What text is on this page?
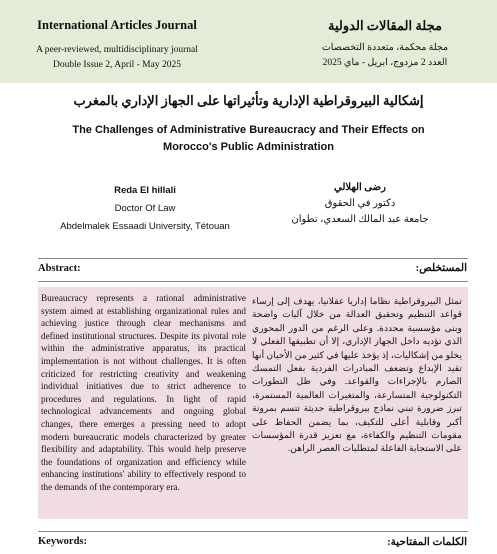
International Articles Journal
A peer-reviewed, multidisciplinary journal
Double Issue 2, April - May 2025
مجلة المقالات الدولية
مجلة محكمة، متعددة التخصصات
العدد 2 مزدوج، ابريل - ماي 2025
إشكالية البيروقراطية الإدارية وتأثيراتها على الجهاز الإداري بالمغرب
The Challenges of Administrative Bureaucracy and Their Effects on
Morocco's Public Administration
Reda El hillali
Doctor Of Law
Abdelmalek Essaadi University, Tétouan
رضى الهلالي
دكتور في الحقوق
جامعة عبد المالك السعدي، تطوان
Abstract:	المستخلص:
Bureaucracy represents a rational administrative system aimed at establishing organizational rules and achieving justice through clear mechanisms and defined institutional structures. Despite its pivotal role within the administrative apparatus, its practical implementation is not without challenges. It is often criticized for restricting creativity and weakening individual initiatives due to strict adherence to procedures and regulations. In light of rapid technological advancements and ongoing global changes, there emerges a pressing need to adopt modern bureaucratic models characterized by greater flexibility and adaptability. This would help preserve the foundations of organization and efficiency while enhancing institutions' ability to effectively respond to the demands of the contemporary era.
تمثل البيروقراطية نظاما إداريا عقلانيا، يهدف إلى إرساء قواعد التنظيم وتحقيق العدالة من خلال آليات واضحة وبنى مؤسسية محددة. وعلى الرغم من الدور المحوري الذي تؤديه داخل الجهاز الإداري، إلا أن تطبيقها الفعلي لا يخلو من إشكاليات، إذ يؤخذ عليها في كثير من الأحيان أنها تقيد الإبداع وتضعف المبادرات الفردية بفعل التمسك الصارم بالإجراءات والقواعد. وفي ظل التطورات التكنولوجية المتسارعة، والمتغيرات العالمية المستمرة، تبرز ضرورة تبني نماذج بيروقراطية حديثة تتسم بمرونة أكبر وقابلية أعلى للتكيف، بما يضمن الحفاظ على مقومات التنظيم والكفاءة، مع تعزيز قدرة المؤسسات على الاستجابة الفاعلة لمتطلبات العصر الراهن.
Keywords:	الكلمات المفتاحية:
